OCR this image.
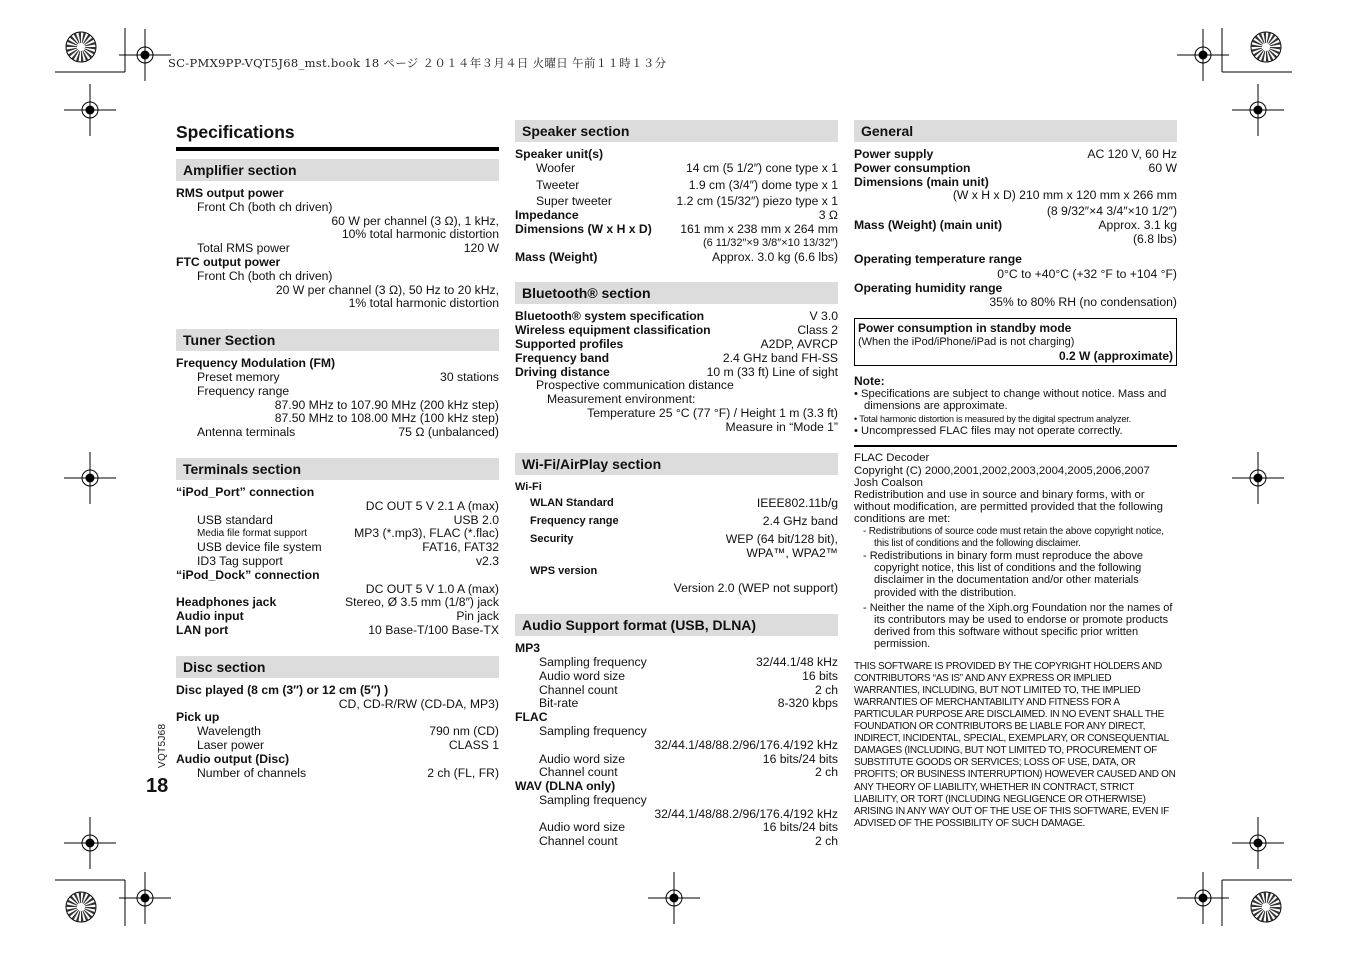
SC-PMX9PP-VQT5J68_mst.book 18 ページ ２０１４年３月４日 火曜日 午前１１時１３分
Specifications
Amplifier section
RMS output power
Front Ch (both ch driven)
60 W per channel (3 Ω), 1 kHz,
10% total harmonic distortion
Total RMS power	120 W
FTC output power
Front Ch (both ch driven)
20 W per channel (3 Ω), 50 Hz to 20 kHz,
1% total harmonic distortion
Tuner Section
Frequency Modulation (FM)
Preset memory	30 stations
Frequency range
87.90 MHz to 107.90 MHz (200 kHz step)
87.50 MHz to 108.00 MHz (100 kHz step)
Antenna terminals	75 Ω (unbalanced)
Terminals section
“iPod_Port” connection
DC OUT 5 V 2.1 A (max)
USB standard	USB 2.0
Media file format support	MP3 (*.mp3), FLAC (*.flac)
USB device file system	FAT16, FAT32
ID3 Tag support	v2.3
“iPod_Dock” connection
DC OUT 5 V 1.0 A (max)
Headphones jack	Stereo, Ø 3.5 mm (1/8″) jack
Audio input	Pin jack
LAN port	10 Base-T/100 Base-TX
Disc section
Disc played (8 cm (3″) or 12 cm (5″) )
CD, CD-R/RW (CD-DA, MP3)
Pick up
Wavelength	790 nm (CD)
Laser power	CLASS 1
Audio output (Disc)
Number of channels	2 ch (FL, FR)
VQT5J68
18
Speaker section
Speaker unit(s)
Woofer	14 cm (5 1/2″) cone type x 1
Tweeter	1.9 cm (3/4″) dome type x 1
Super tweeter	1.2 cm (15/32″) piezo type x 1
Impedance	3 Ω
Dimensions (W x H x D) 161 mm x 238 mm x 264 mm
(6 11/32″×9 3/8″×10 13/32″)
Mass (Weight)	Approx. 3.0 kg (6.6 lbs)
Bluetooth® section
Bluetooth® system specification	V 3.0
Wireless equipment classification	Class 2
Supported profiles	A2DP, AVRCP
Frequency band	2.4 GHz band FH-SS
Driving distance	10 m (33 ft) Line of sight
Prospective communication distance
Measurement environment:
Temperature 25 °C (77 °F) / Height 1 m (3.3 ft)
Measure in “Mode 1”
Wi-Fi/AirPlay section
Wi-Fi
WLAN Standard	IEEE802.11b/g
Frequency range	2.4 GHz band
Security	WEP (64 bit/128 bit),
WPA™, WPA2™
WPS version
Version 2.0 (WEP not support)
Audio Support format (USB, DLNA)
MP3
Sampling frequency	32/44.1/48 kHz
Audio word size	16 bits
Channel count	2 ch
Bit-rate	8-320 kbps
FLAC
Sampling frequency
32/44.1/48/88.2/96/176.4/192 kHz
Audio word size	16 bits/24 bits
Channel count	2 ch
WAV (DLNA only)
Sampling frequency
32/44.1/48/88.2/96/176.4/192 kHz
Audio word size	16 bits/24 bits
Channel count	2 ch
General
Power supply	AC 120 V, 60 Hz
Power consumption	60 W
Dimensions (main unit)
(W x H x D) 210 mm x 120 mm x 266 mm
(8 9/32″×4 3/4″×10 1/2″)
Mass (Weight) (main unit)	Approx. 3.1 kg
(6.8 lbs)
Operating temperature range
0°C to +40°C (+32 °F to +104 °F)
Operating humidity range
35% to 80% RH (no condensation)
Power consumption in standby mode
(When the iPod/iPhone/iPad is not charging)
0.2 W (approximate)
Note:
• Specifications are subject to change without notice. Mass and dimensions are approximate.
• Total harmonic distortion is measured by the digital spectrum analyzer.
• Uncompressed FLAC files may not operate correctly.
FLAC Decoder
Copyright (C) 2000,2001,2002,2003,2004,2005,2006,2007
Josh Coalson
Redistribution and use in source and binary forms, with or without modification, are permitted provided that the following conditions are met:
- Redistributions of source code must retain the above copyright notice, this list of conditions and the following disclaimer.
- Redistributions in binary form must reproduce the above copyright notice, this list of conditions and the following disclaimer in the documentation and/or other materials provided with the distribution.
- Neither the name of the Xiph.org Foundation nor the names of its contributors may be used to endorse or promote products derived from this software without specific prior written permission.
THIS SOFTWARE IS PROVIDED BY THE COPYRIGHT HOLDERS AND CONTRIBUTORS “AS IS” AND ANY EXPRESS OR IMPLIED WARRANTIES, INCLUDING, BUT NOT LIMITED TO, THE IMPLIED WARRANTIES OF MERCHANTABILITY AND FITNESS FOR A PARTICULAR PURPOSE ARE DISCLAIMED. IN NO EVENT SHALL THE FOUNDATION OR CONTRIBUTORS BE LIABLE FOR ANY DIRECT, INDIRECT, INCIDENTAL, SPECIAL, EXEMPLARY, OR CONSEQUENTIAL DAMAGES (INCLUDING, BUT NOT LIMITED TO, PROCUREMENT OF SUBSTITUTE GOODS OR SERVICES; LOSS OF USE, DATA, OR PROFITS; OR BUSINESS INTERRUPTION) HOWEVER CAUSED AND ON ANY THEORY OF LIABILITY, WHETHER IN CONTRACT, STRICT LIABILITY, OR TORT (INCLUDING NEGLIGENCE OR OTHERWISE) ARISING IN ANY WAY OUT OF THE USE OF THIS SOFTWARE, EVEN IF ADVISED OF THE POSSIBILITY OF SUCH DAMAGE.
